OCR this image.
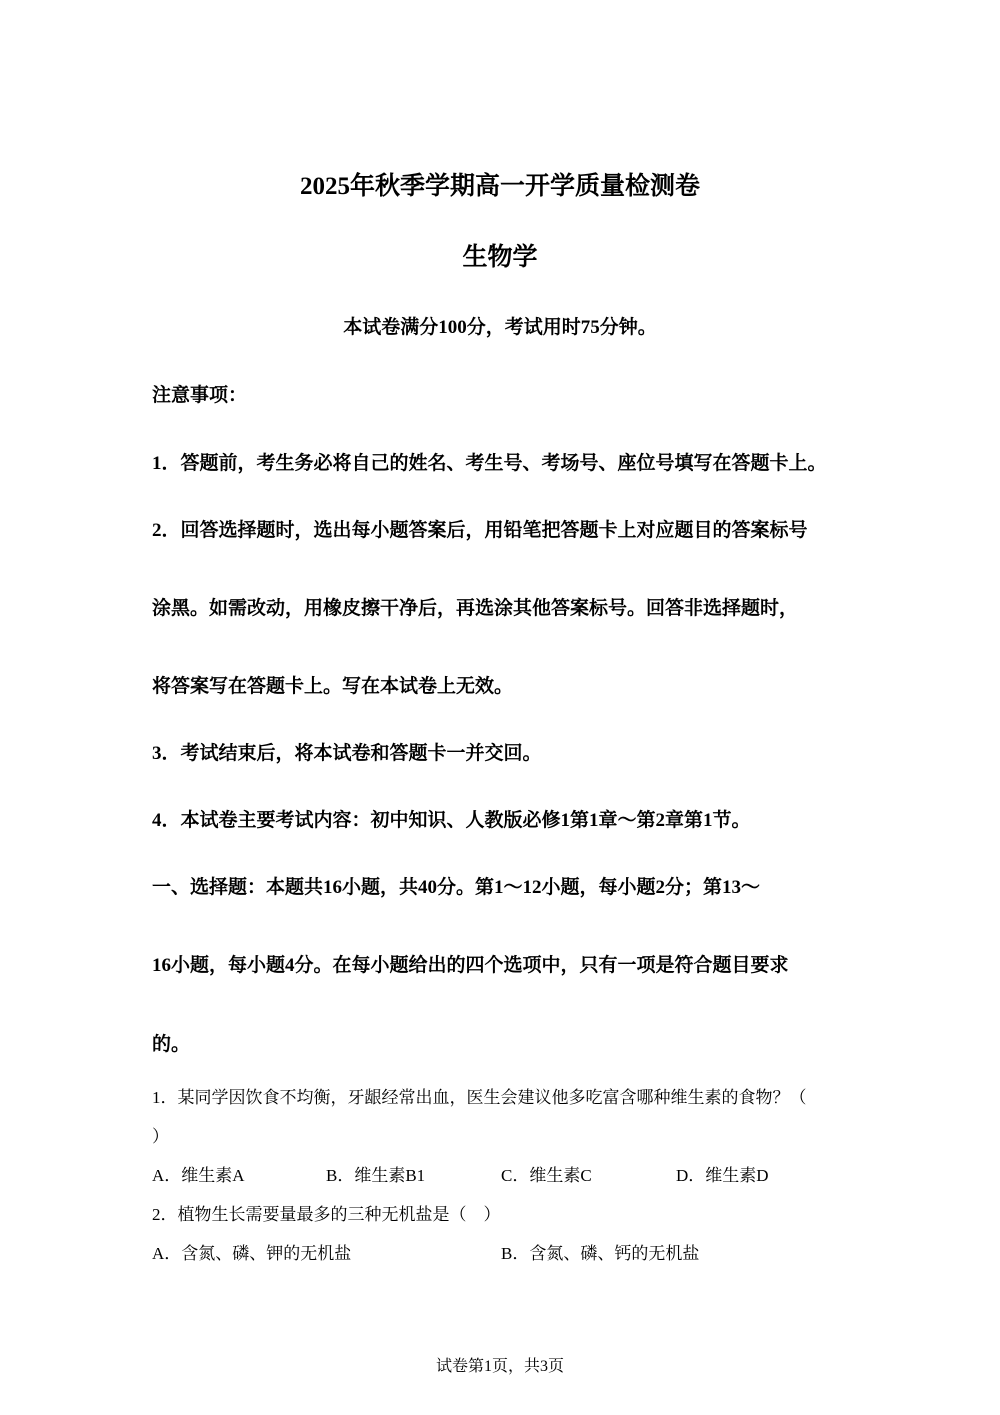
2025年秋季学期高一开学质量检测卷
生物学
本试卷满分100分，考试用时75分钟。
注意事项：
1．答题前，考生务必将自己的姓名、考生号、考场号、座位号填写在答题卡上。
2．回答选择题时，选出每小题答案后，用铅笔把答题卡上对应题目的答案标号
涂黑。如需改动，用橡皮擦干净后，再选涂其他答案标号。回答非选择题时，
将答案写在答题卡上。写在本试卷上无效。
3．考试结束后，将本试卷和答题卡一并交回。
4．本试卷主要考试内容：初中知识、人教版必修1第1章～第2章第1节。
一、选择题：本题共16小题，共40分。第1～12小题，每小题2分；第13～
16小题，每小题4分。在每小题给出的四个选项中，只有一项是符合题目要求
的。
1．某同学因饮食不均衡，牙龈经常出血，医生会建议他多吃富含哪种维生素的食物？（
）
A．维生素A	B．维生素B1	C．维生素C	D．维生素D
2．植物生长需要量最多的三种无机盐是（　）
A．含氮、磷、钾的无机盐	B．含氮、磷、钙的无机盐
试卷第1页，共3页
